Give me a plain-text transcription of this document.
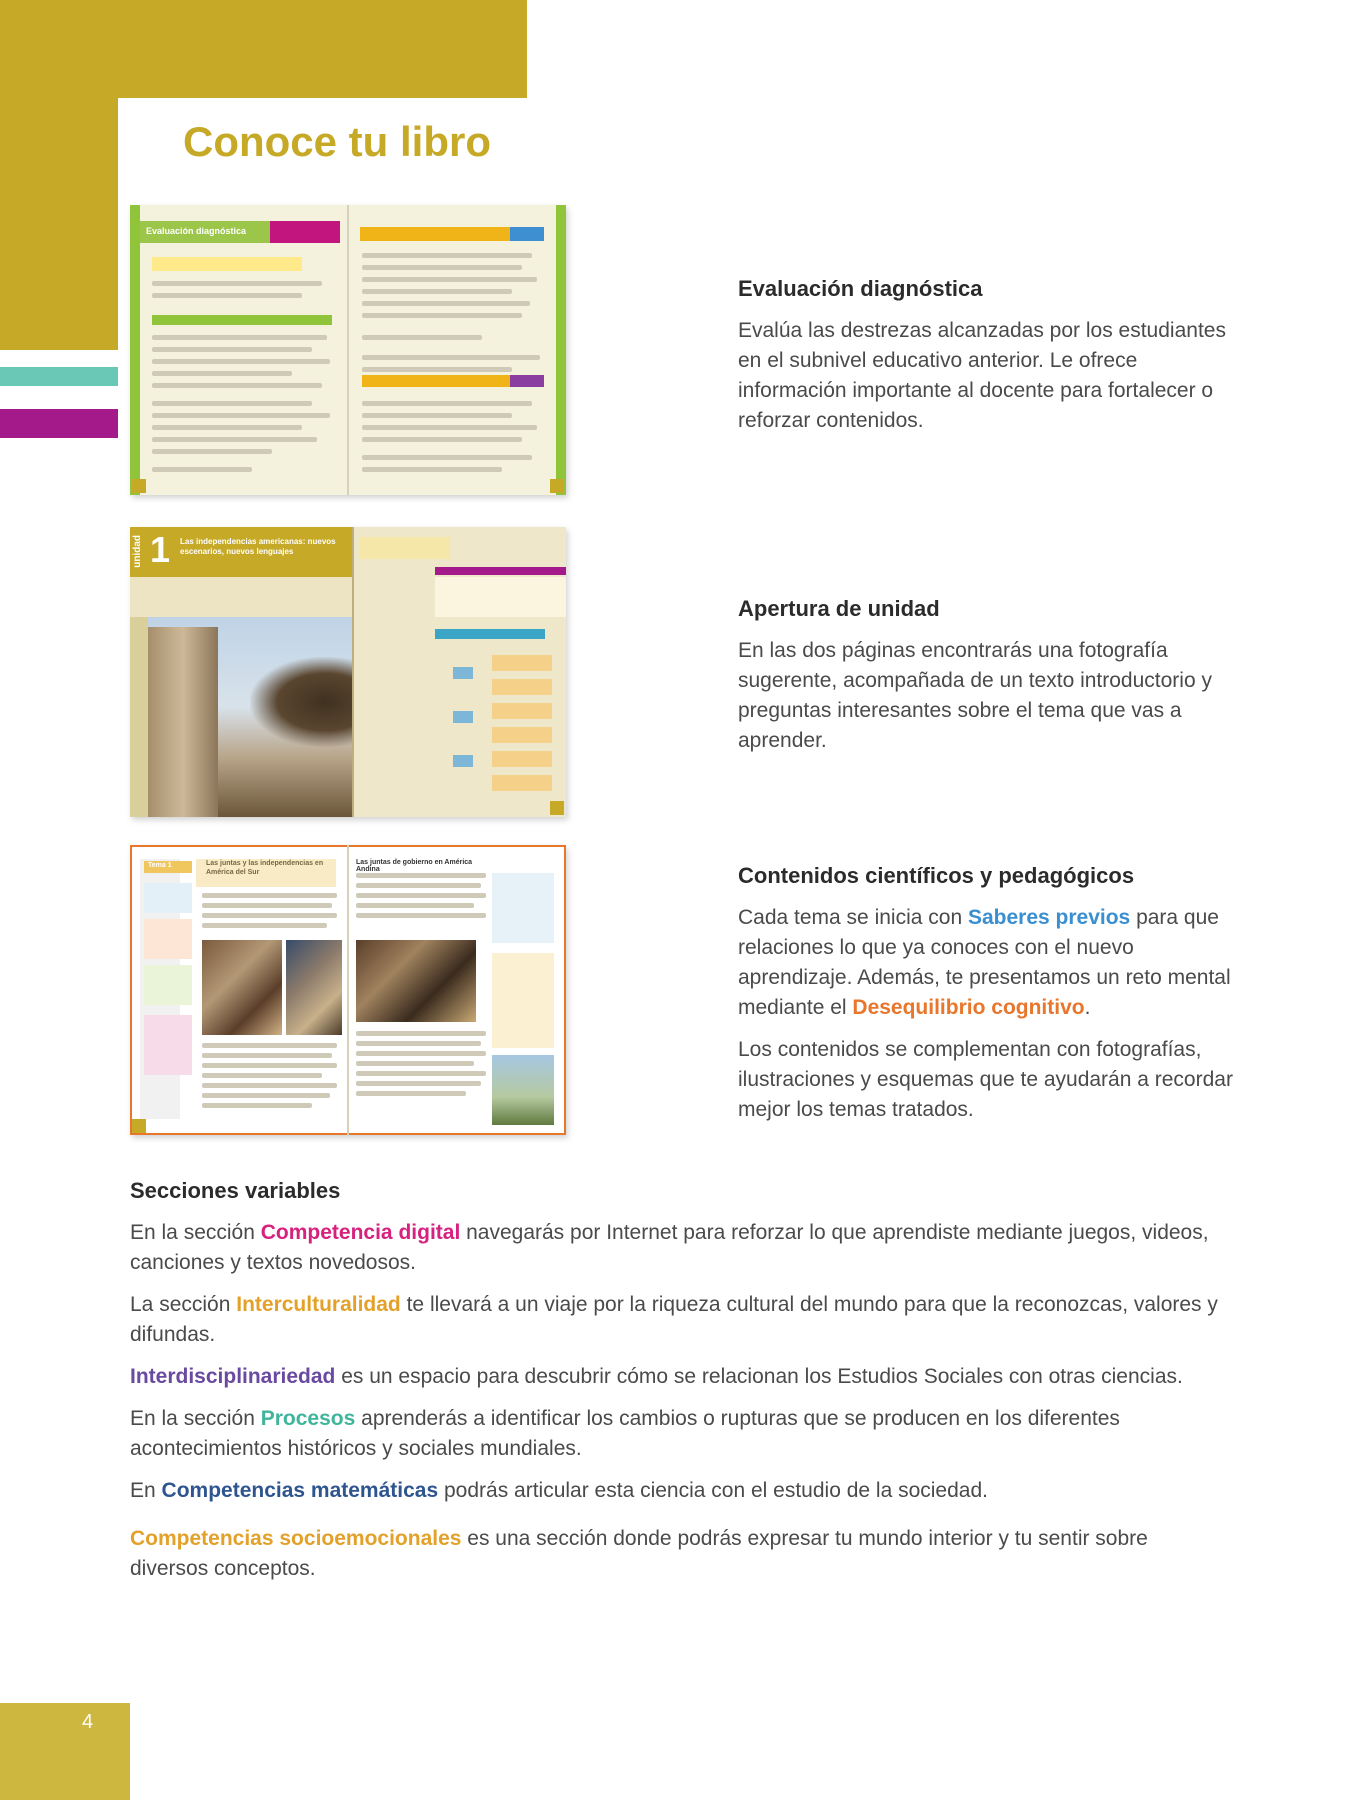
4
Conoce tu libro
Evaluación diagnóstica
unidad 1 Las independencias americanas: nuevos escenarios, nuevos lenguajes
Tema 1	Las juntas y las independencias en América del Sur
Las juntas de gobierno en América Andina
Evaluación diagnóstica

Evalúa las destrezas alcanzadas por los estudiantes en el subnivel educativo anterior. Le ofrece información importante al docente para fortalecer o reforzar contenidos.

Apertura de unidad

En las dos páginas encontrarás una fotografía sugerente, acompañada de un texto introductorio y preguntas interesantes sobre el tema que vas a aprender.

Contenidos científicos y pedagógicos

Cada tema se inicia con Saberes previos para que relaciones lo que ya conoces con el nuevo aprendizaje. Además, te presentamos un reto mental mediante el Desequilibrio cognitivo.

Los contenidos se complementan con fotografías, ilustraciones y esquemas que te ayudarán a recordar mejor los temas tratados.

Secciones variables

En la sección Competencia digital navegarás por Internet para reforzar lo que aprendiste mediante juegos, videos, canciones y textos novedosos.

La sección Interculturalidad te llevará a un viaje por la riqueza cultural del mundo para que la reconozcas, valores y difundas.

Interdisciplinariedad es un espacio para descubrir cómo se relacionan los Estudios Sociales con otras ciencias.

En la sección Procesos aprenderás a identificar los cambios o rupturas que se producen en los diferentes acontecimientos históricos y sociales mundiales.

En Competencias matemáticas podrás articular esta ciencia con el estudio de la sociedad.

Competencias socioemocionales es una sección donde podrás expresar tu mundo interior y tu sentir sobre diversos conceptos.
